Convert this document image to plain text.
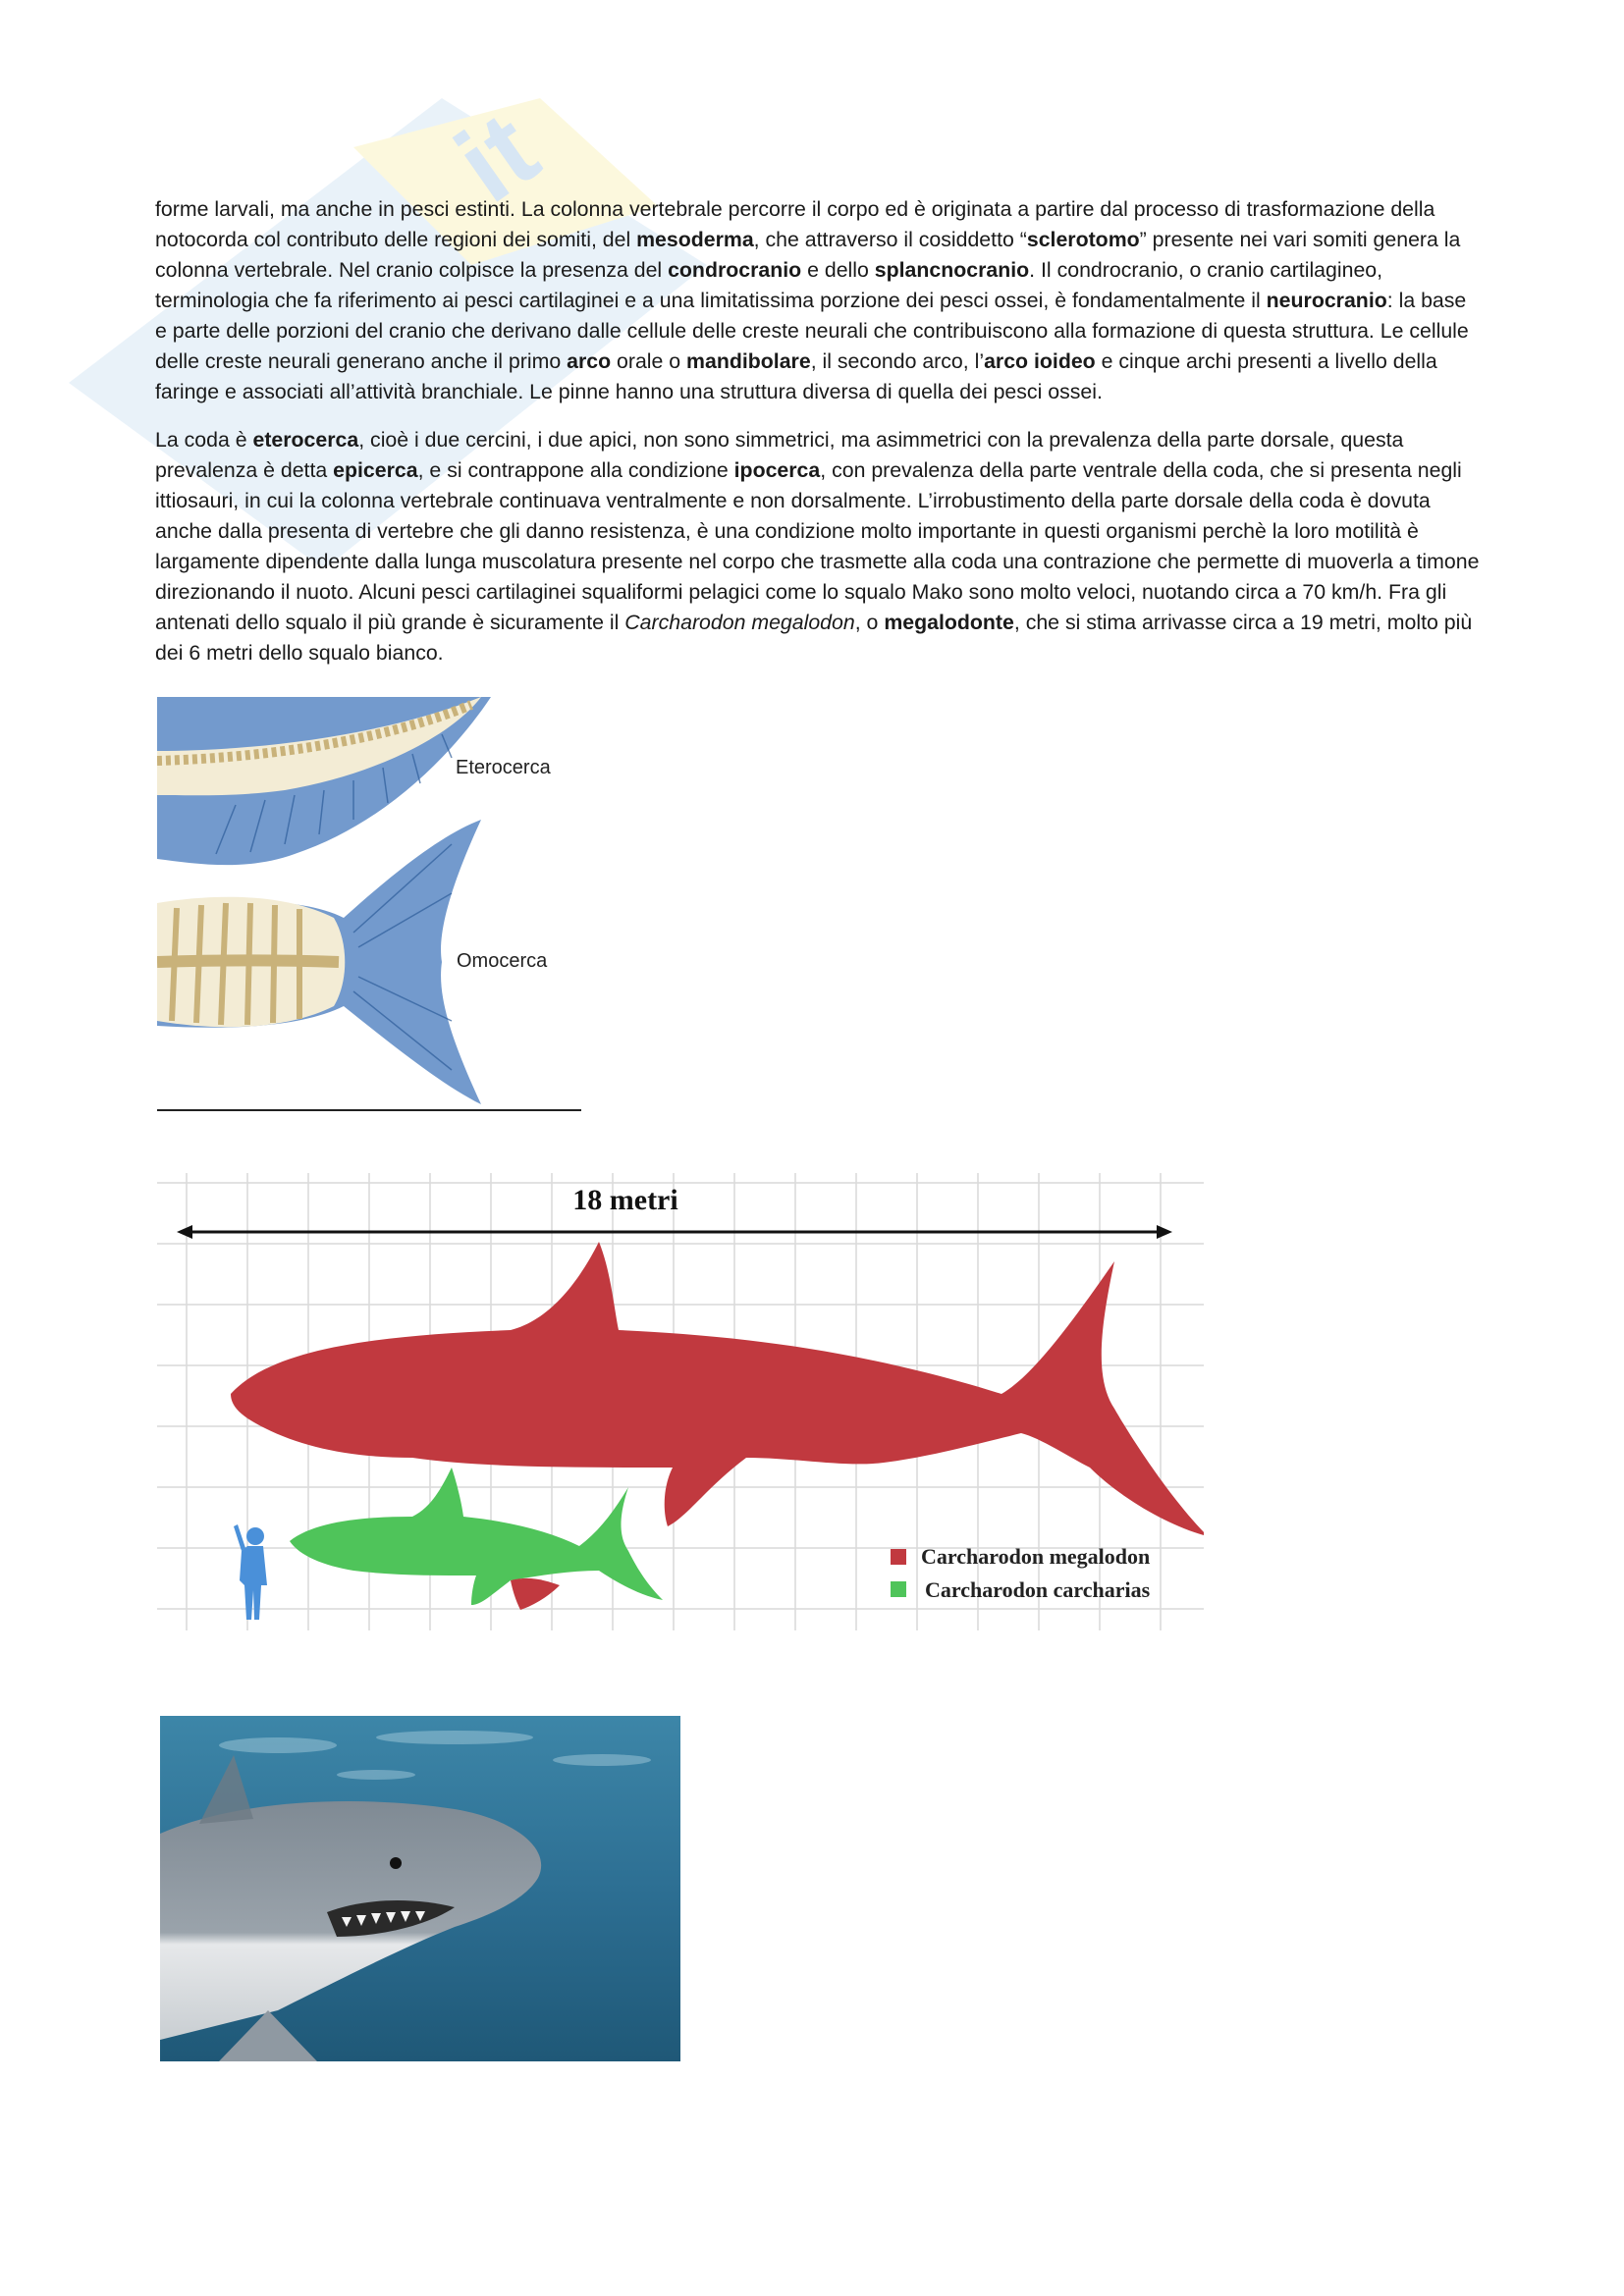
it

forme larvali, ma anche in pesci estinti. La colonna vertebrale percorre il corpo ed è originata a partire dal processo di trasformazione della notocorda col contributo delle regioni dei somiti, del mesoderma, che attraverso il cosiddetto “sclerotomo” presente nei vari somiti genera la colonna vertebrale. Nel cranio colpisce la presenza del condrocranio e dello splancnocranio. Il condrocranio, o cranio cartilagineo, terminologia che fa riferimento ai pesci cartilaginei e a una limitatissima porzione dei pesci ossei, è fondamentalmente il neurocranio: la base e parte delle porzioni del cranio che derivano dalle cellule delle creste neurali che contribuiscono alla formazione di questa struttura. Le cellule delle creste neurali generano anche il primo arco orale o mandibolare, il secondo arco, l’arco ioideo e cinque archi presenti a livello della faringe e associati all’attività branchiale. Le pinne hanno una struttura diversa di quella dei pesci ossei.

La coda è eterocerca, cioè i due cercini, i due apici, non sono simmetrici, ma asimmetrici con la prevalenza della parte dorsale, questa prevalenza è detta epicerca, e si contrappone alla condizione ipocerca, con prevalenza della parte ventrale della coda, che si presenta negli ittiosauri, in cui la colonna vertebrale continuava ventralmente e non dorsalmente. L’irrobustimento della parte dorsale della coda è dovuta anche dalla presenta di vertebre che gli danno resistenza, è una condizione molto importante in questi organismi perchè la loro motilità è largamente dipendente dalla lunga muscolatura presente nel corpo che trasmette alla coda una contrazione che permette di muoverla a timone direzionando il nuoto. Alcuni pesci cartilaginei squaliformi pelagici come lo squalo Mako sono molto veloci, nuotando circa a 70 km/h. Fra gli antenati dello squalo il più grande è sicuramente il Carcharodon megalodon, o megalodonte, che si stima arrivasse circa a 19 metri, molto più dei 6 metri dello squalo bianco.

Eterocerca
Omocerca
18 metri
Carcharodon megalodon
Carcharodon carcharias
